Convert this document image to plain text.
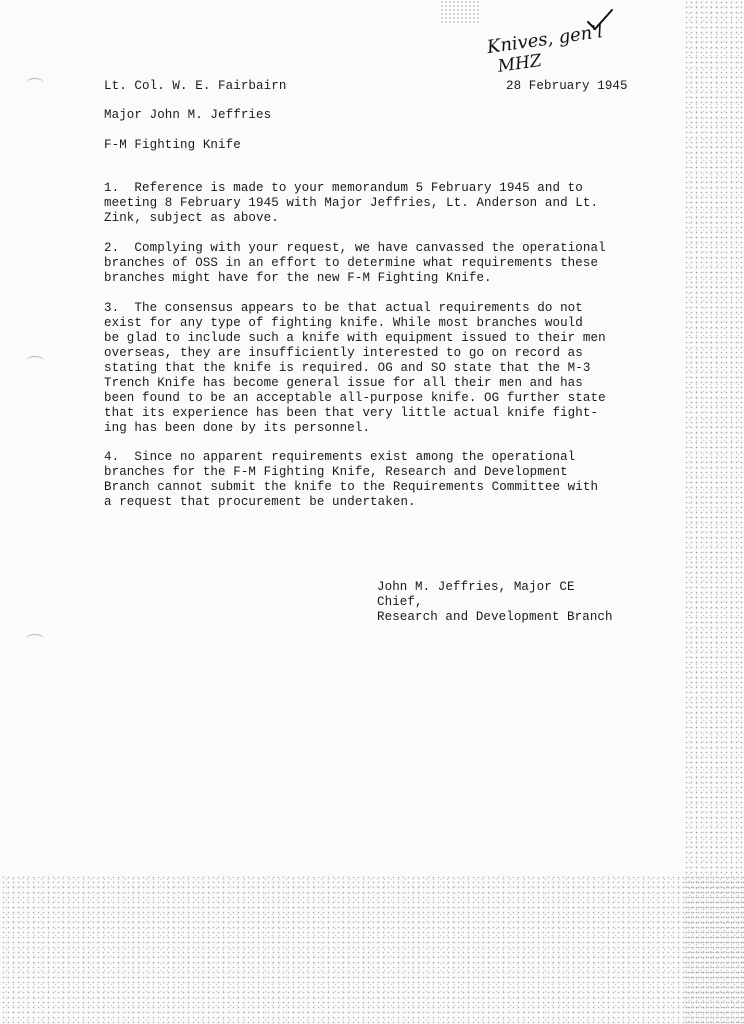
Knives, gen'l
MHZ
Lt. Col. W. E. Fairbairn	28 February 1945
Major John M. Jeffries
F-M Fighting Knife
1.  Reference is made to your memorandum 5 February 1945 and to
meeting 8 February 1945 with Major Jeffries, Lt. Anderson and Lt.
Zink, subject as above.
2.  Complying with your request, we have canvassed the operational
branches of OSS in an effort to determine what requirements these
branches might have for the new F-M Fighting Knife.
3.  The consensus appears to be that actual requirements do not
exist for any type of fighting knife. While most branches would
be glad to include such a knife with equipment issued to their men
overseas, they are insufficiently interested to go on record as
stating that the knife is required. OG and SO state that the M-3
Trench Knife has become general issue for all their men and has
been found to be an acceptable all-purpose knife. OG further state
that its experience has been that very little actual knife fight-
ing has been done by its personnel.
4.  Since no apparent requirements exist among the operational
branches for the F-M Fighting Knife, Research and Development
Branch cannot submit the knife to the Requirements Committee with
a request that procurement be undertaken.
John M. Jeffries, Major CE
Chief,
Research and Development Branch
